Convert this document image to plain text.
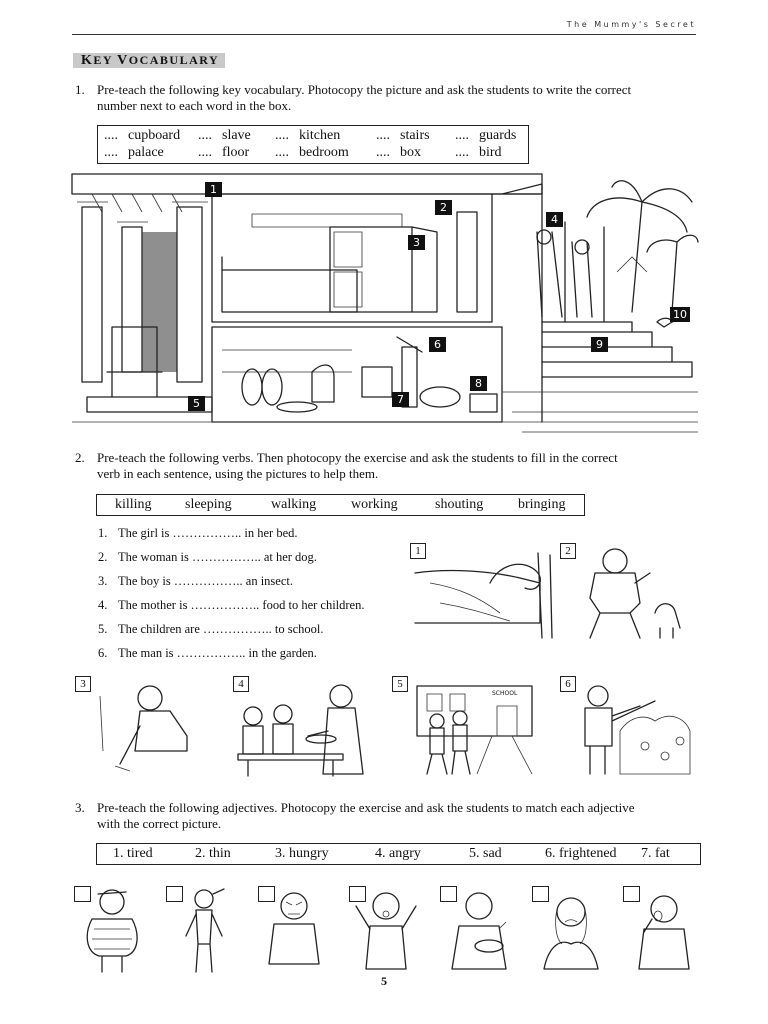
The Mummy's Secret
KEY VOCABULARY
1. Pre-teach the following key vocabulary. Photocopy the picture and ask the students to write the correct
number next to each word in the box.
.... cupboard .... slave .... kitchen	.... stairs .... guards
.... palace .... floor .... bedroom .... box .... bird
1
2
3
4
5
6
7
8
9
10
2. Pre-teach the following verbs. Then photocopy the exercise and ask the students to fill in the correct
verb in each sentence, using the pictures to help them.
killing sleeping	walking working	shouting bringing
1. The girl is …………….. in her bed.
2. The woman is …………….. at her dog.
3. The boy is …………….. an insect.
4. The mother is …………….. food to her children.
5. The children are …………….. to school.
6. The man is …………….. in the garden.
1	2
3	4	5
SCHOOL
6
3. Pre-teach the following adjectives. Photocopy the exercise and ask the students to match each adjective
with the correct picture.
1. tired	2. thin	3. hungry	4. angry	5. sad	6. frightened 7. fat
5
